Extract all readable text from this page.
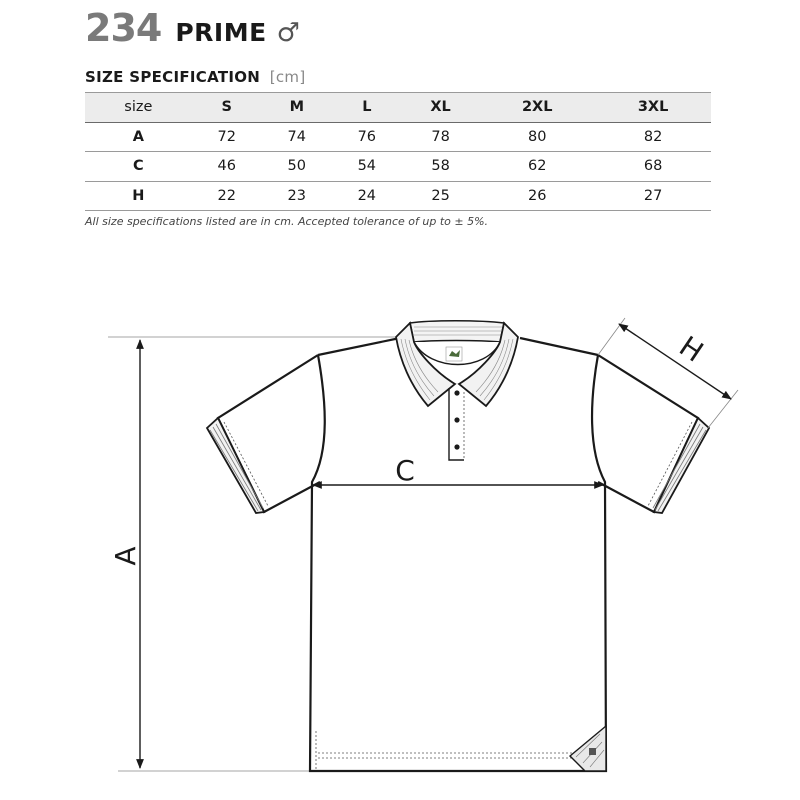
234 PRIME ♂
SIZE SPECIFICATION [cm]
size	S	M	L	XL	2XL	3XL
A	72	74	76	78	80	82
C	46	50	54	58	62	68
H	22	23	24	25	26	27
All size specifications listed are in cm. Accepted tolerance of up to ± 5%.
A
C
H
